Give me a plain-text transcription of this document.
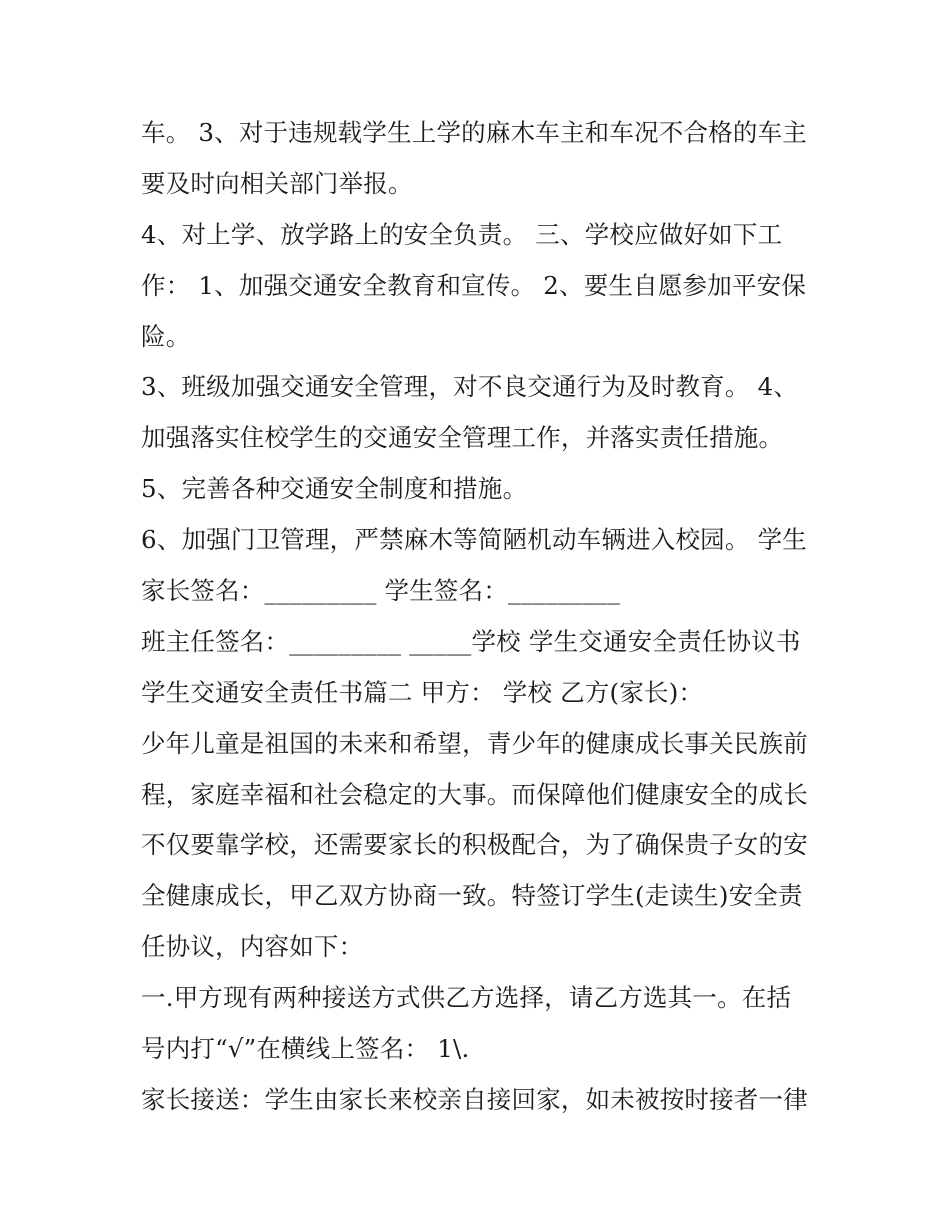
车。 3、对于违规载学生上学的麻木车主和车况不合格的车主
要及时向相关部门举报。
4、对上学、放学路上的安全负责。 三、学校应做好如下工
作： 1、加强交通安全教育和宣传。 2、要生自愿参加平安保
险。
3、班级加强交通安全管理，对不良交通行为及时教育。 4、
加强落实住校学生的交通安全管理工作，并落实责任措施。
5、完善各种交通安全制度和措施。
6、加强门卫管理，严禁麻木等简陋机动车辆进入校园。 学生
家长签名：_________ 学生签名：_________
班主任签名：_________ _____学校 学生交通安全责任协议书
学生交通安全责任书篇二 甲方： 学校 乙方(家长)：
少年儿童是祖国的未来和希望，青少年的健康成长事关民族前
程，家庭幸福和社会稳定的大事。而保障他们健康安全的成长
不仅要靠学校，还需要家长的积极配合，为了确保贵子女的安
全健康成长，甲乙双方协商一致。特签订学生(走读生)安全责
任协议，内容如下：
一.甲方现有两种接送方式供乙方选择，请乙方选其一。在括
号内打“√”在横线上签名： 1\.
家长接送：学生由家长来校亲自接回家，如未被按时接者一律
